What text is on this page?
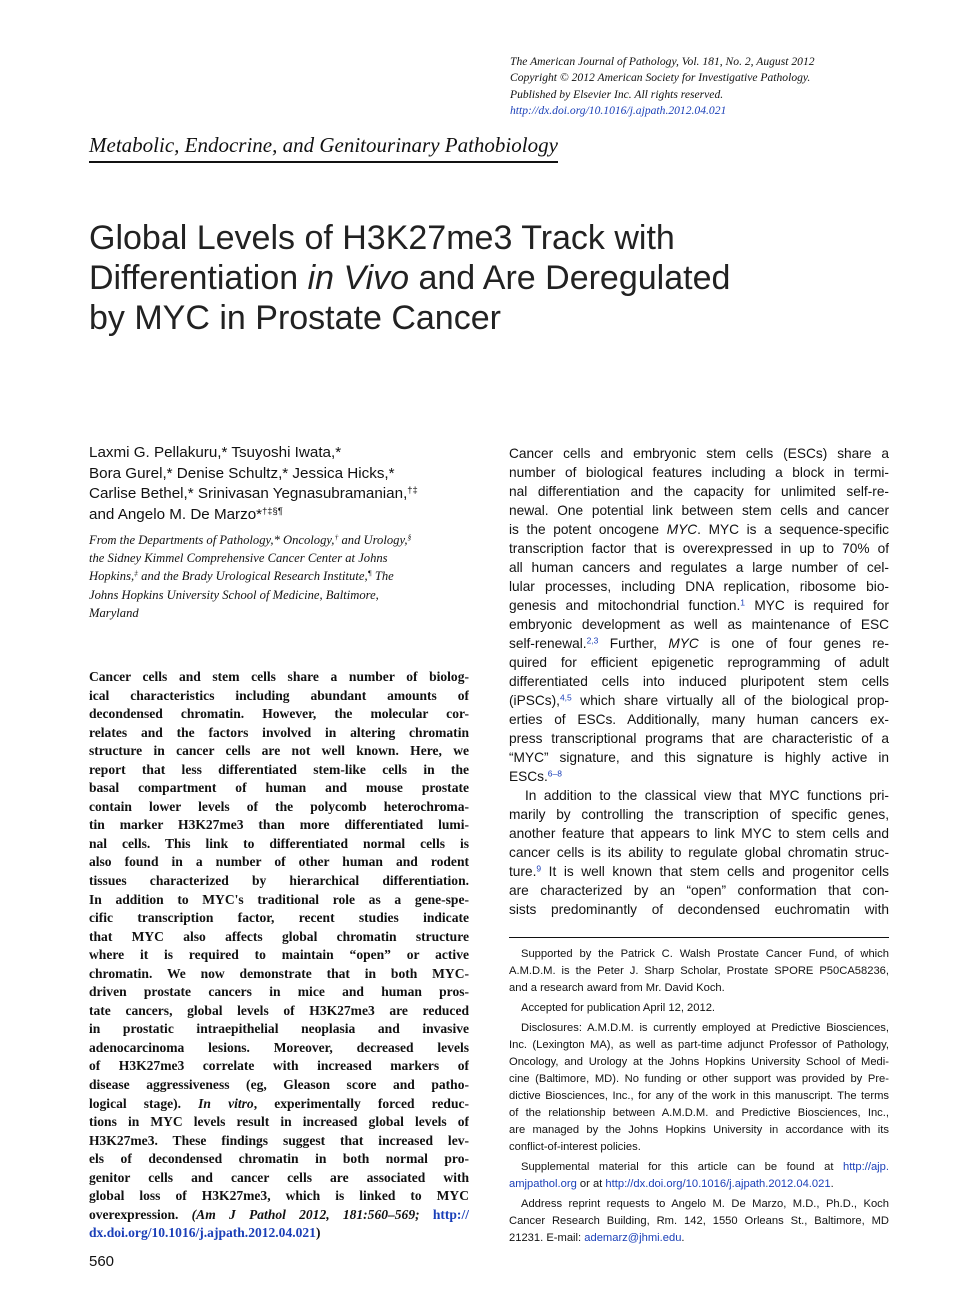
The American Journal of Pathology, Vol. 181, No. 2, August 2012
Copyright © 2012 American Society for Investigative Pathology.
Published by Elsevier Inc. All rights reserved.
http://dx.doi.org/10.1016/j.ajpath.2012.04.021
Metabolic, Endocrine, and Genitourinary Pathobiology
Global Levels of H3K27me3 Track with
Differentiation in Vivo and Are Deregulated
by MYC in Prostate Cancer
Laxmi G. Pellakuru,* Tsuyoshi Iwata,*
Bora Gurel,* Denise Schultz,* Jessica Hicks,*
Carlise Bethel,* Srinivasan Yegnasubramanian,†‡
and Angelo M. De Marzo*†‡§¶
From the Departments of Pathology,* Oncology,† and Urology,§
the Sidney Kimmel Comprehensive Cancer Center at Johns
Hopkins,‡ and the Brady Urological Research Institute,¶ The
Johns Hopkins University School of Medicine, Baltimore,
Maryland
Cancer cells and stem cells share a number of biolog-
ical characteristics including abundant amounts of
decondensed chromatin. However, the molecular cor-
relates and the factors involved in altering chromatin
structure in cancer cells are not well known. Here, we
report that less differentiated stem-like cells in the
basal compartment of human and mouse prostate
contain lower levels of the polycomb heterochroma-
tin marker H3K27me3 than more differentiated lumi-
nal cells. This link to differentiated normal cells is
also found in a number of other human and rodent
tissues characterized by hierarchical differentiation.
In addition to MYC's traditional role as a gene-spe-
cific transcription factor, recent studies indicate
that MYC also affects global chromatin structure
where it is required to maintain “open” or active
chromatin. We now demonstrate that in both MYC-
driven prostate cancers in mice and human pros-
tate cancers, global levels of H3K27me3 are reduced
in prostatic intraepithelial neoplasia and invasive
adenocarcinoma lesions. Moreover, decreased levels
of H3K27me3 correlate with increased markers of
disease aggressiveness (eg, Gleason score and patho-
logical stage). In vitro, experimentally forced reduc-
tions in MYC levels result in increased global levels of
H3K27me3. These findings suggest that increased lev-
els of decondensed chromatin in both normal pro-
genitor cells and cancer cells are associated with
global loss of H3K27me3, which is linked to MYC
overexpression. (Am J Pathol 2012, 181:560–569; http://
dx.doi.org/10.1016/j.ajpath.2012.04.021)
Cancer cells and embryonic stem cells (ESCs) share a
number of biological features including a block in termi-
nal differentiation and the capacity for unlimited self-re-
newal. One potential link between stem cells and cancer
is the potent oncogene MYC. MYC is a sequence-specific
transcription factor that is overexpressed in up to 70% of
all human cancers and regulates a large number of cel-
lular processes, including DNA replication, ribosome bio-
genesis and mitochondrial function.$^1$ MYC is required for
embryonic development as well as maintenance of ESC
self-renewal.$^{2,3}$ Further, MYC is one of four genes re-
quired for efficient epigenetic reprogramming of adult
differentiated cells into induced pluripotent stem cells
(iPSCs),$^{4,5}$ which share virtually all of the biological prop-
erties of ESCs. Additionally, many human cancers ex-
press transcriptional programs that are characteristic of a
“MYC” signature, and this signature is highly active in
ESCs.$^{6-8}$
In addition to the classical view that MYC functions pri-
marily by controlling the transcription of specific genes,
another feature that appears to link MYC to stem cells and
cancer cells is its ability to regulate global chromatin struc-
ture.$^9$ It is well known that stem cells and progenitor cells
are characterized by an “open” conformation that con-
sists predominantly of decondensed euchromatin with
Supported by the Patrick C. Walsh Prostate Cancer Fund, of which
A.M.D.M. is the Peter J. Sharp Scholar, Prostate SPORE P50CA58236,
and a research award from Mr. David Koch.
Accepted for publication April 12, 2012.
Disclosures: A.M.D.M. is currently employed at Predictive Biosciences,
Inc. (Lexington MA), as well as part-time adjunct Professor of Pathology,
Oncology, and Urology at the Johns Hopkins University School of Medi-
cine (Baltimore, MD). No funding or other support was provided by Pre-
dictive Biosciences, Inc., for any of the work in this manuscript. The terms
of the relationship between A.M.D.M. and Predictive Biosciences, Inc.,
are managed by the Johns Hopkins University in accordance with its
conflict-of-interest policies.
Supplemental material for this article can be found at http://ajp.
amjpathol.org or at http://dx.doi.org/10.1016/j.ajpath.2012.04.021.
Address reprint requests to Angelo M. De Marzo, M.D., Ph.D., Koch
Cancer Research Building, Rm. 142, 1550 Orleans St., Baltimore, MD
21231. E-mail: ademarz@jhmi.edu.
560
